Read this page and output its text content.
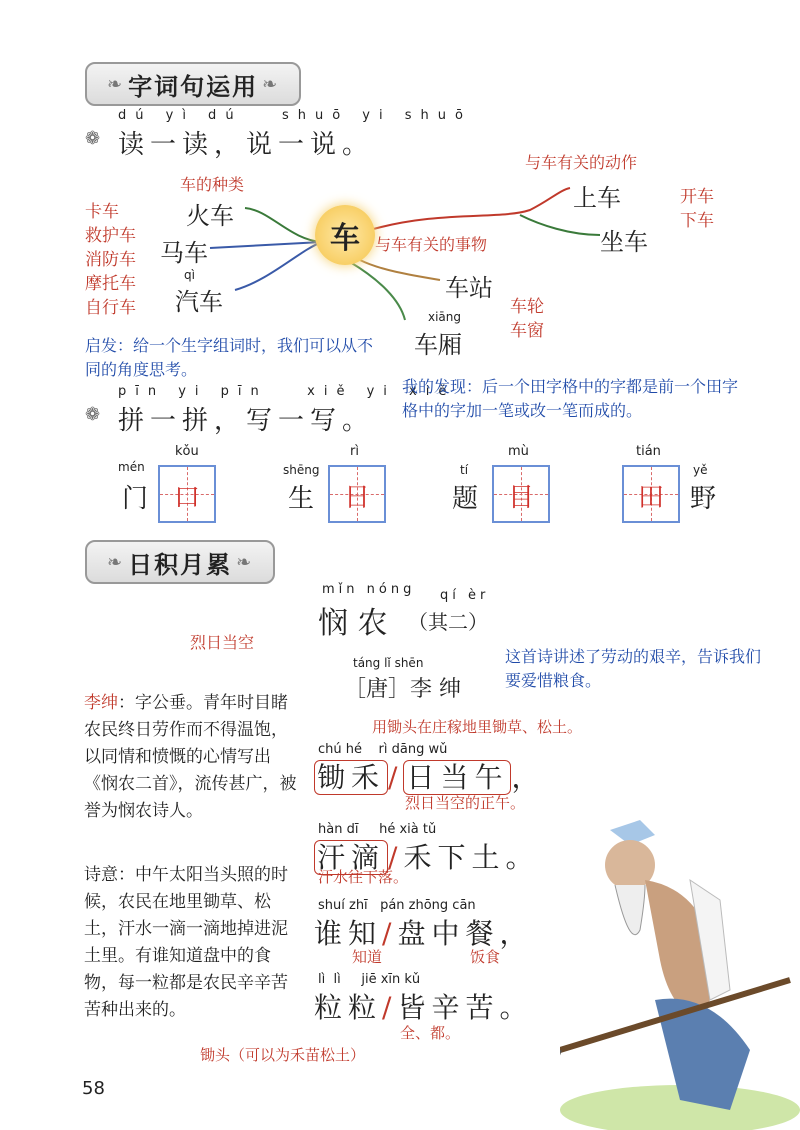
❧ 字词句运用
❧
❁
dú yì dú   shuō yi shuō
读一读，说一说。
车
车的种类
与车有关的动作
与车有关的事物
火车
马车
qì
汽车
上车
坐车
车站
xiāng
车厢
卡车
救护车
消防车
摩托车
自行车
开车
下车
车轮
车窗
启发：给一个生字组词时，我们可以从不同的角度思考。
❁
pīn yi pīn   xiě yi xiě
拼一拼，写一写。
我的发现：后一个田字格中的字都是前一个田字格中的字加一笔或改一笔而成的。
mén
门
kǒu
口
shēng
生
rì
日
tí
题
mù
目
yě
野
tián
田
❧ 日积月累
❧
mǐn nóng qí èr
悯 农 （其二）
烈日当空
这首诗讲述了劳动的艰辛，告诉我们要爱惜粮食。
táng lǐ shēn
［唐］李 绅
李绅：字公垂。青年时目睹农民终日劳作而不得温饱，以同情和愤慨的心情写出《悯农二首》，流传甚广，被誉为悯农诗人。
诗意：中午太阳当头照的时候，农民在地里锄草、松土，汗水一滴一滴地掉进泥土里。有谁知道盘中的食物，每一粒都是农民辛辛苦苦种出来的。
用锄头在庄稼地里锄草、松土。
chú hé    rì dāng wǔ
锄禾 / 日当午 ，
烈日当空的正午。
hàn dī     hé xià tǔ
汗滴 /禾下土。
汗水往下落。
shuí zhī   pán zhōng cān
谁知/盘中餐，
知道	饭食
lì  lì     jiē xīn kǔ
粒粒/皆辛苦。
全、都。
锄头（可以为禾苗松土）
58
